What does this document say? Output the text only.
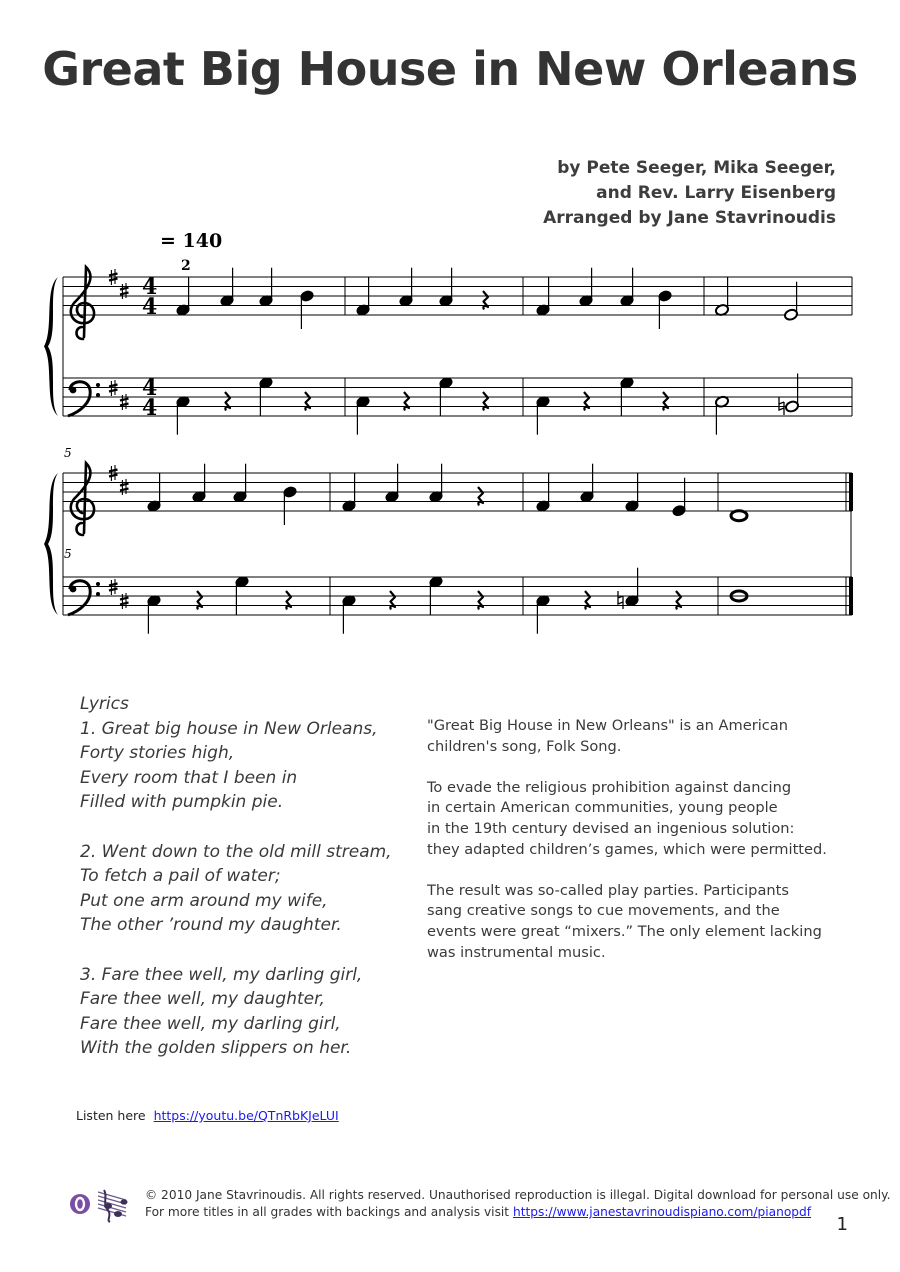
Great Big House in New Orleans
by Pete Seeger, Mika Seeger,
and Rev. Larry Eisenberg
Arranged by Jane Stavrinoudis
= 140
2
4
4
4
4
5
5
Lyrics
1. Great big house in New Orleans,
Forty stories high,
Every room that I been in
Filled with pumpkin pie.
2. Went down to the old mill stream,
To fetch a pail of water;
Put one arm around my wife,
The other ’round my daughter.
3. Fare thee well, my darling girl,
Fare thee well, my daughter,
Fare thee well, my darling girl,
With the golden slippers on her.
"Great Big House in New Orleans" is an American
children's song, Folk Song.
To evade the religious prohibition against dancing
in certain American communities, young people
in the 19th century devised an ingenious solution:
they adapted children’s games, which were permitted.
The result was so-called play parties. Participants
sang creative songs to cue movements, and the
events were great “mixers.” The only element lacking
was instrumental music.
Listen here https://youtu.be/QTnRbKJeLUI
© 2010 Jane Stavrinoudis. All rights reserved. Unauthorised reproduction is illegal. Digital download for personal use only.
For more titles in all grades with backings and analysis visit https://www.janestavrinoudispiano.com/pianopdf
1
